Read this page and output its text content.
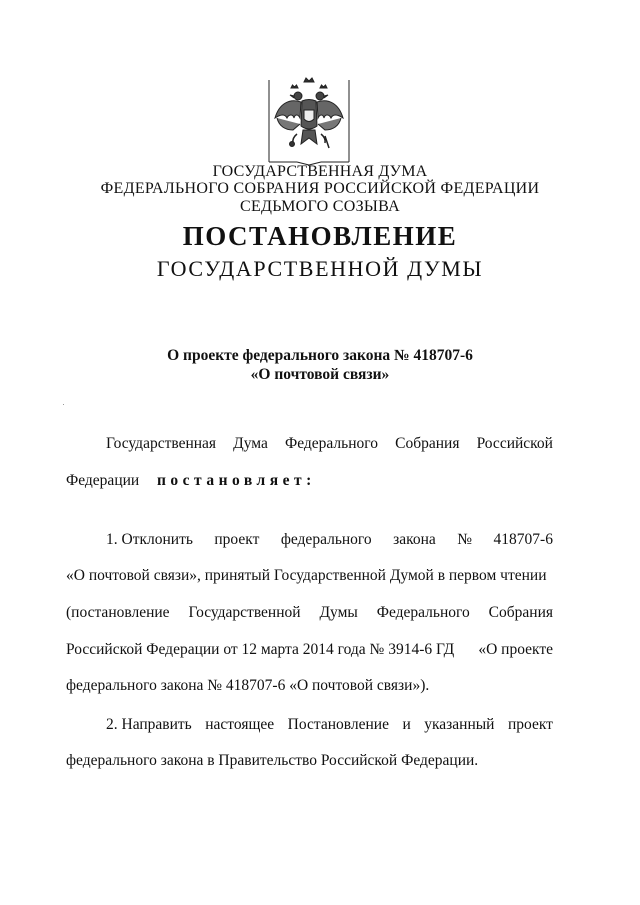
ГОСУДАРСТВЕННАЯ ДУМА
ФЕДЕРАЛЬНОГО СОБРАНИЯ РОССИЙСКОЙ ФЕДЕРАЦИИ
СЕДЬМОГО СОЗЫВА
ПОСТАНОВЛЕНИЕ
ГОСУДАРСТВЕННОЙ ДУМЫ
О проекте федерального закона № 418707-6
«О почтовой связи»
Государственная Дума Федерального Собрания Российской
Федерации постановляет:
1. Отклонить проект федерального закона № 418707-6
«О почтовой связи», принятый Государственной Думой в первом чтении
(постановление Государственной Думы Федерального Собрания
Российской Федерации от 12 марта 2014 года № 3914-6 ГД «О проекте
федерального закона № 418707-6 «О почтовой связи»).
2. Направить настоящее Постановление и указанный проект
федерального закона в Правительство Российской Федерации.
